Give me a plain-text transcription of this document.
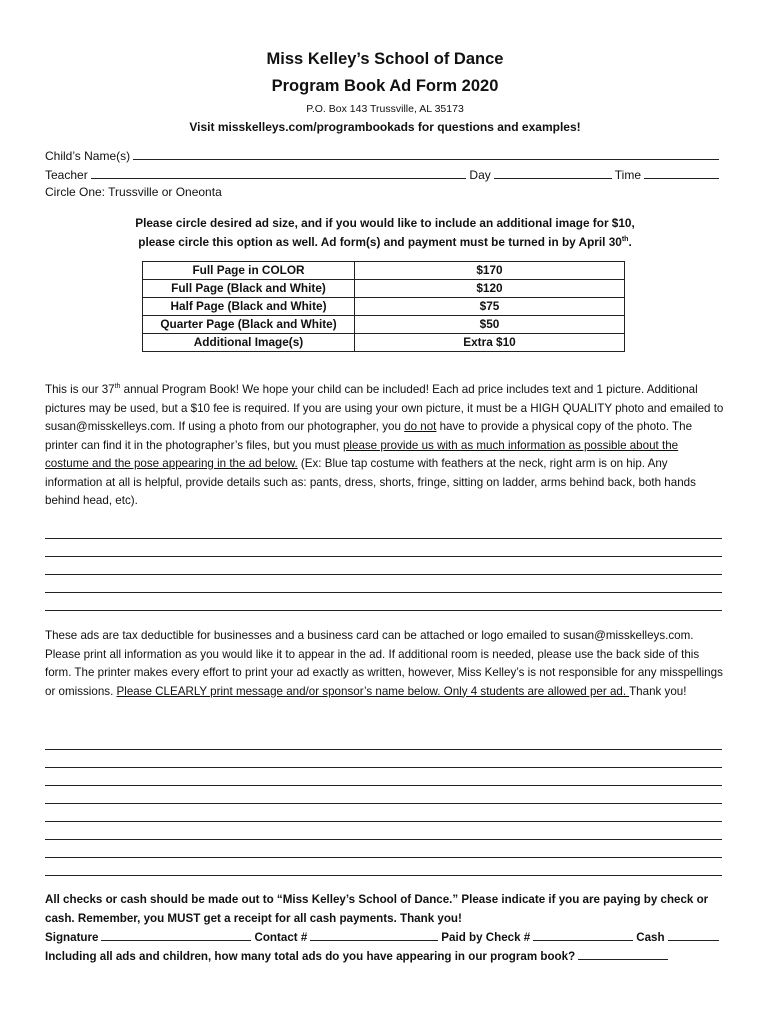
Miss Kelley’s School of Dance
Program Book Ad Form 2020
P.O. Box 143 Trussville, AL 35173
Visit misskelleys.com/programbookads for questions and examples!
Child’s Name(s)
Teacher	Day	Time
Circle One: Trussville or Oneonta
Please circle desired ad size, and if you would like to include an additional image for $10,
please circle this option as well. Ad form(s) and payment must be turned in by April 30th.
Full Page in COLOR	$170
Full Page (Black and White)	$120
Half Page (Black and White)	$75
Quarter Page (Black and White)	$50
Additional Image(s)	Extra $10
This is our 37th annual Program Book! We hope your child can be included! Each ad price includes text and 1 picture. Additional pictures may be used, but a $10 fee is required. If you are using your own picture, it must be a HIGH QUALITY photo and emailed to susan@misskelleys.com. If using a photo from our photographer, you do not have to provide a physical copy of the photo. The printer can find it in the photographer’s files, but you must please provide us with as much information as possible about the costume and the pose appearing in the ad below. (Ex: Blue tap costume with feathers at the neck, right arm is on hip. Any information at all is helpful, provide details such as: pants, dress, shorts, fringe, sitting on ladder, arms behind back, both hands behind head, etc).
These ads are tax deductible for businesses and a business card can be attached or logo emailed to susan@misskelleys.com. Please print all information as you would like it to appear in the ad. If additional room is needed, please use the back side of this form. The printer makes every effort to print your ad exactly as written, however, Miss Kelley’s is not responsible for any misspellings or omissions. Please CLEARLY print message and/or sponsor’s name below. Only 4 students are allowed per ad. Thank you!
All checks or cash should be made out to “Miss Kelley’s School of Dance.” Please indicate if you are paying by check or cash. Remember, you MUST get a receipt for all cash payments. Thank you!
Signature	Contact #	Paid by Check #	Cash
Including all ads and children, how many total ads do you have appearing in our program book?
